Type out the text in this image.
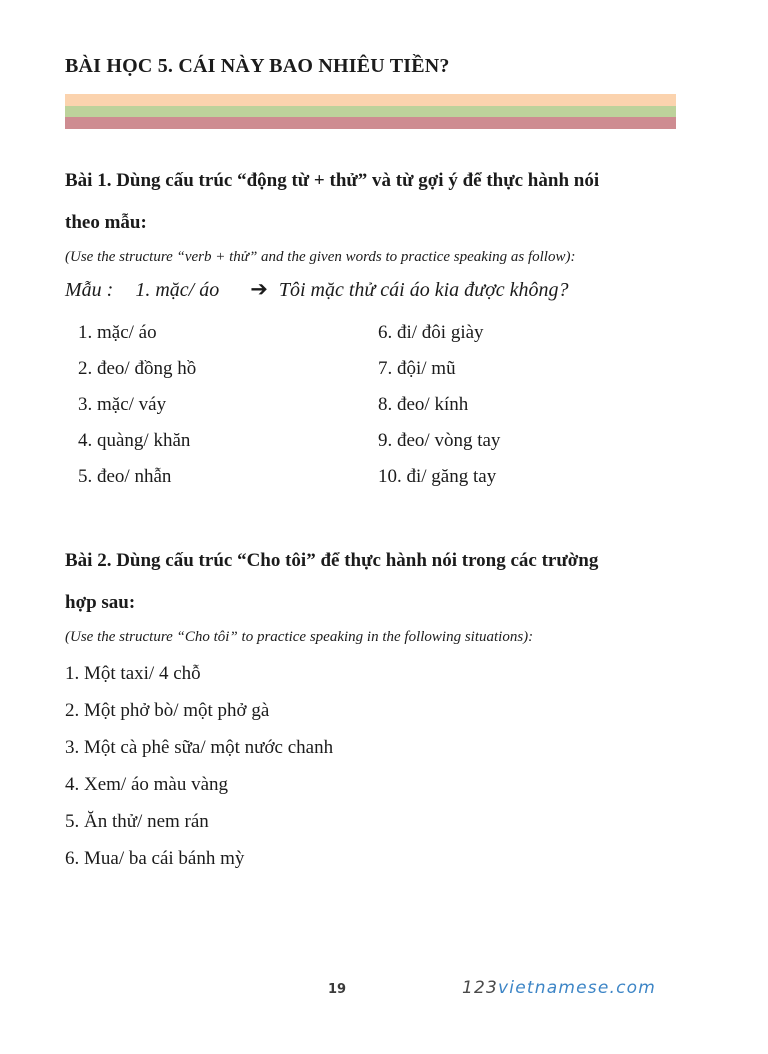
BÀI HỌC 5. CÁI NÀY BAO NHIÊU TIỀN?
Bài 1. Dùng cấu trúc “động từ + thử” và từ gợi ý để thực hành nói
theo mẫu:
(Use the structure “verb + thử” and the given words to practice speaking as follow):
Mẫu : 1. mặc/ áo ➔ Tôi mặc thử cái áo kia được không?
1. mặc/ áo
2. đeo/ đồng hồ
3. mặc/ váy
4. quàng/ khăn
5. đeo/ nhẫn
6. đi/ đôi giày
7. đội/ mũ
8. đeo/ kính
9. đeo/ vòng tay
10. đi/ găng tay
Bài 2. Dùng cấu trúc “Cho tôi” để thực hành nói trong các trường
hợp sau:
(Use the structure “Cho tôi” to practice speaking in the following situations):
1. Một taxi/ 4 chỗ
2. Một phở bò/ một phở gà
3. Một cà phê sữa/ một nước chanh
4. Xem/ áo màu vàng
5. Ăn thử/ nem rán
6. Mua/ ba cái bánh mỳ
19	123vietnamese.com
